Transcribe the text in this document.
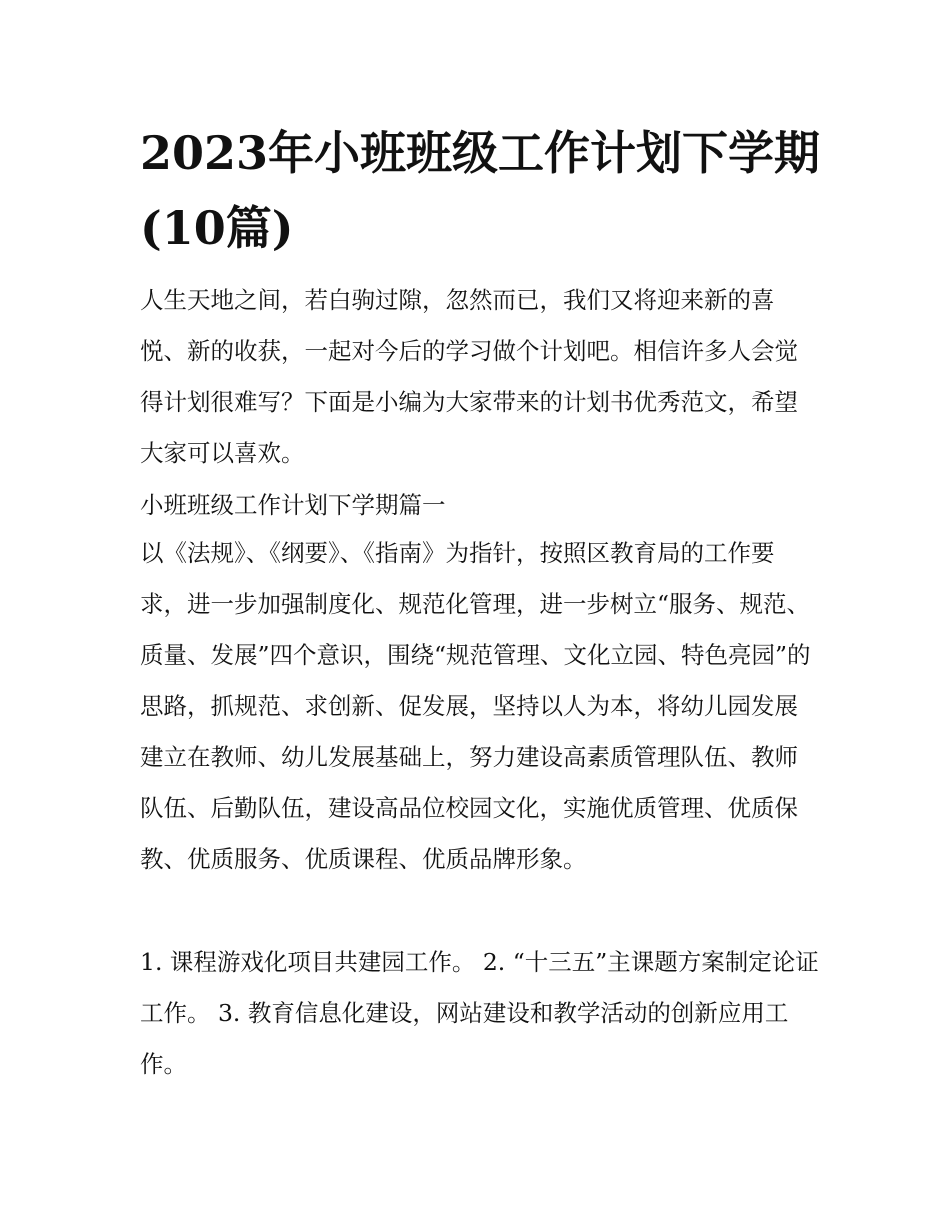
2023年小班班级工作计划下学期(10篇)

人生天地之间，若白驹过隙，忽然而已，我们又将迎来新的喜悦、新的收获，一起对今后的学习做个计划吧。相信许多人会觉得计划很难写？下面是小编为大家带来的计划书优秀范文，希望大家可以喜欢。

小班班级工作计划下学期篇一

以《法规》、《纲要》、《指南》为指针，按照区教育局的工作要求，进一步加强制度化、规范化管理，进一步树立“服务、规范、质量、发展”四个意识，围绕“规范管理、文化立园、特色亮园”的思路，抓规范、求创新、促发展，坚持以人为本，将幼儿园发展建立在教师、幼儿发展基础上，努力建设高素质管理队伍、教师队伍、后勤队伍，建设高品位校园文化，实施优质管理、优质保教、优质服务、优质课程、优质品牌形象。

1. 课程游戏化项目共建园工作。 2. “十三五”主课题方案制定论证工作。 3. 教育信息化建设，网站建设和教学活动的创新应用工作。
